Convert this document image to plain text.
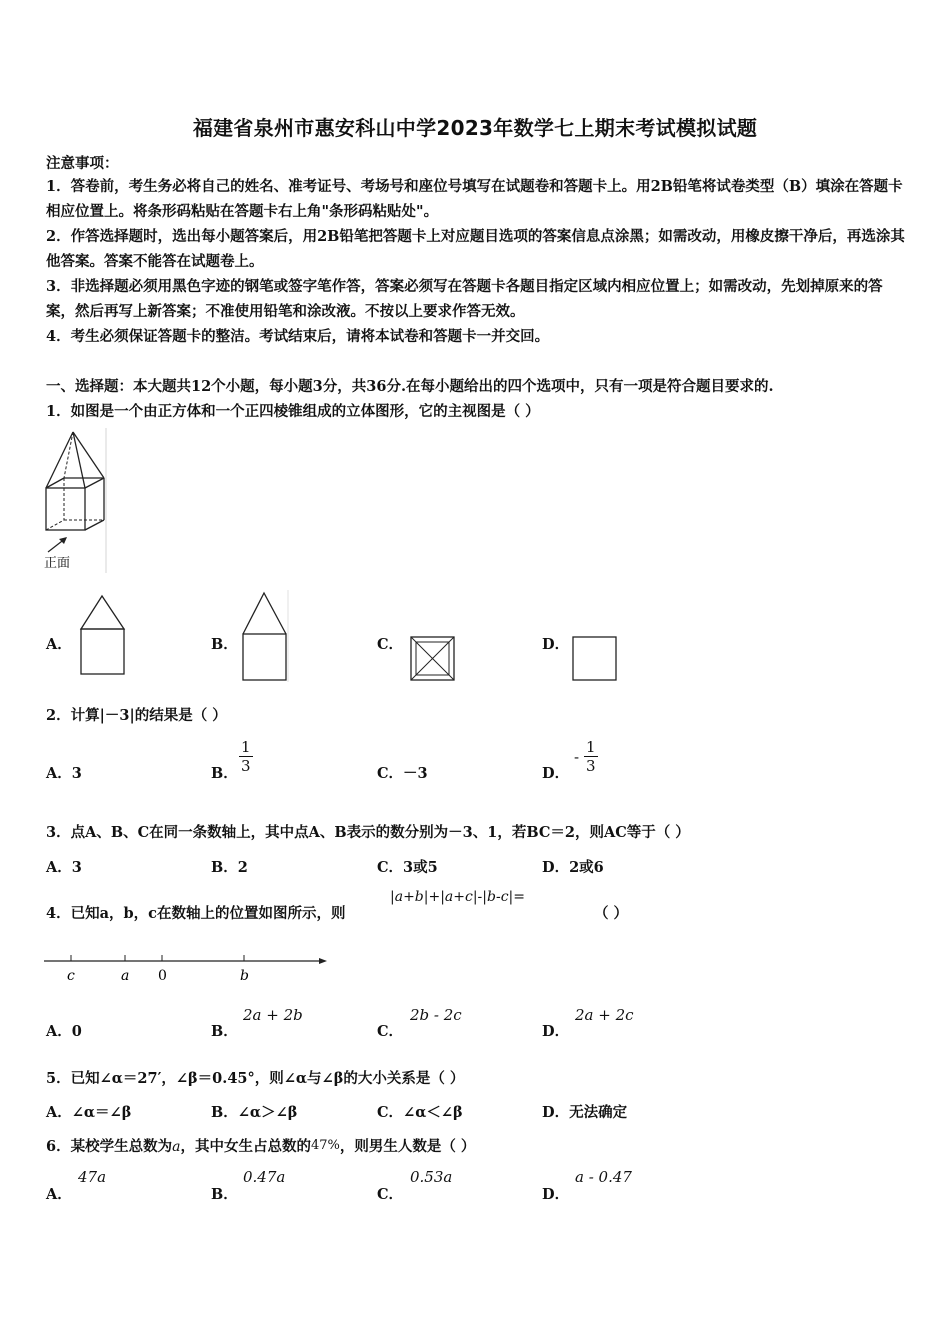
福建省泉州市惠安科山中学2023年数学七上期末考试模拟试题
注意事项：
1．答卷前，考生务必将自己的姓名、准考证号、考场号和座位号填写在试题卷和答题卡上。用2B铅笔将试卷类型（B）填涂在答题卡相应位置上。将条形码粘贴在答题卡右上角"条形码粘贴处"。
2．作答选择题时，选出每小题答案后，用2B铅笔把答题卡上对应题目选项的答案信息点涂黑；如需改动，用橡皮擦干净后，再选涂其他答案。答案不能答在试题卷上。
3．非选择题必须用黑色字迹的钢笔或签字笔作答，答案必须写在答题卡各题目指定区域内相应位置上；如需改动，先划掉原来的答案，然后再写上新答案；不准使用铅笔和涂改液。不按以上要求作答无效。
4．考生必须保证答题卡的整洁。考试结束后，请将本试卷和答题卡一并交回。
一、选择题：本大题共12个小题，每小题3分，共36分.在每小题给出的四个选项中，只有一项是符合题目要求的.
1．如图是一个由正方体和一个正四棱锥组成的立体图形，它的主视图是（ ）
正面
A．	B．	C．	D．
2．计算|－3|的结果是（ ）
A．3	B． $\frac{1}{3}$	C．－3	D．
- $\frac{1}{3}$
3．点A、B、C在同一条数轴上，其中点A、B表示的数分别为－3、1，若BC＝2，则AC等于（ ）
A．3	B．2	C．3或5	D．2或6
4．已知a，b，c在数轴上的位置如图所示，则
|a+b|+|a+c|-|b-c|=
（ ）
c	a 0	b
A．0	B．
2a + 2b
C．
2b - 2c
D．
2a + 2c
5．已知∠α＝27′，∠β＝0.45°，则∠α与∠β的大小关系是（ ）
A．∠α＝∠β	B．∠α＞∠β	C．∠α＜∠β	D．无法确定
6．某校学生总数为a，其中女生占总数的47%，则男生人数是（ ）
A．
47a
B．
0.47a
C．
0.53a
D．
a - 0.47
